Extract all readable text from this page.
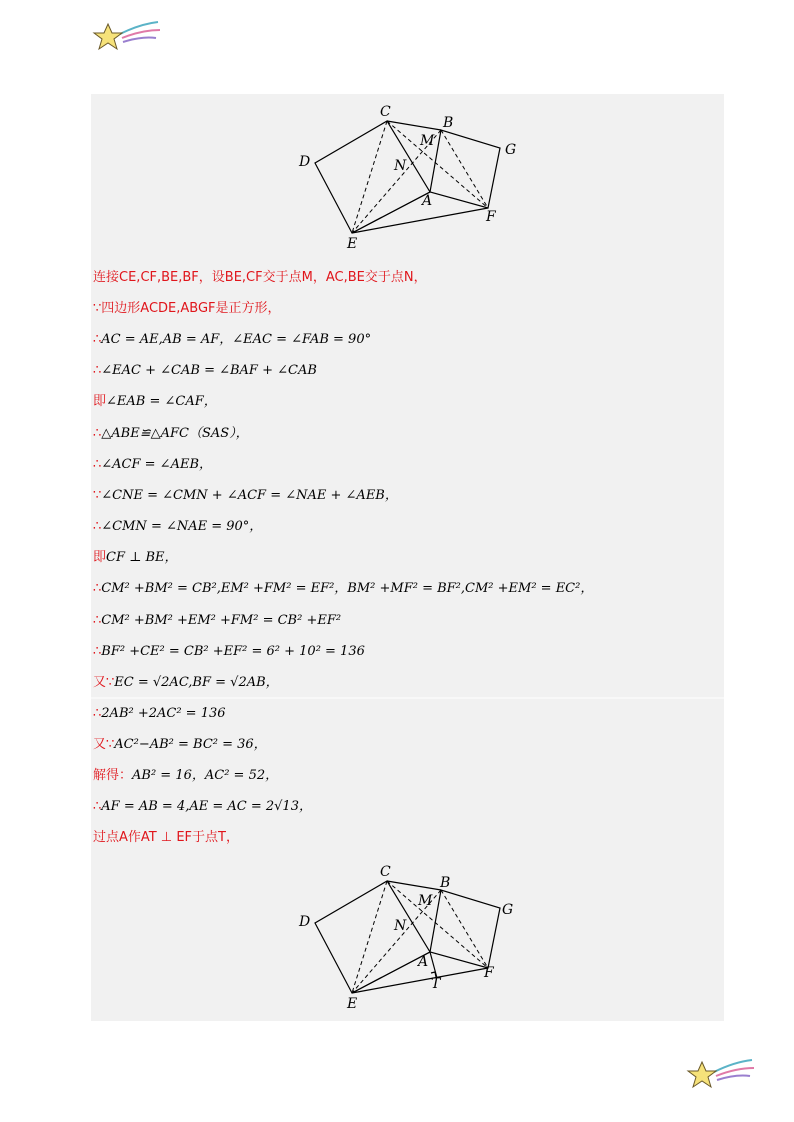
C
B
G
D
M
N
A
F
E
连接CE,CF,BE,BF，设BE,CF交于点M，AC,BE交于点N，
∵四边形ACDE,ABGF是正方形，
∴AC = AE,AB = AF，∠EAC = ∠FAB = 90°
∴∠EAC + ∠CAB = ∠BAF + ∠CAB
即∠EAB = ∠CAF，
∴△ABE≌△AFC（SAS），
∴∠ACF = ∠AEB，
∵∠CNE = ∠CMN + ∠ACF = ∠NAE + ∠AEB，
∴∠CMN = ∠NAE = 90°，
即CF ⊥ BE，
∴CM² +BM² = CB²,EM² +FM² = EF²，BM² +MF² = BF²,CM² +EM² = EC²，
∴CM² +BM² +EM² +FM² = CB² +EF²
∴BF² +CE² = CB² +EF² = 6² + 10² = 136
又∵EC = √2AC,BF = √2AB，
∴2AB² +2AC² = 136
又∵AC²−AB² = BC² = 36，
解得：AB² = 16，AC² = 52，
∴AF = AB = 4,AE = AC = 2√13，
过点A作AT ⊥ EF于点T，
C
B
G
D
M
N
A
T
F
E
